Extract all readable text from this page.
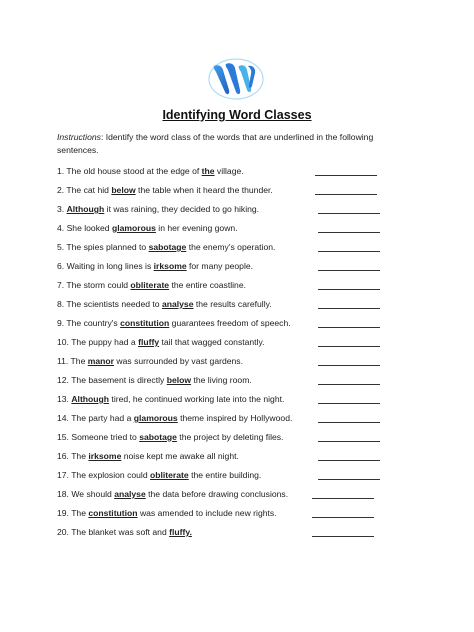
Identifying Word Classes
Instructions: Identify the word class of the words that are underlined in the following sentences.
1. The old house stood at the edge of the village.
2. The cat hid below the table when it heard the thunder.
3. Although it was raining, they decided to go hiking.
4. She looked glamorous in her evening gown.
5. The spies planned to sabotage the enemy's operation.
6. Waiting in long lines is irksome for many people.
7. The storm could obliterate the entire coastline.
8. The scientists needed to analyse the results carefully.
9. The country's constitution guarantees freedom of speech.
10. The puppy had a fluffy tail that wagged constantly.
11. The manor was surrounded by vast gardens.
12. The basement is directly below the living room.
13. Although tired, he continued working late into the night.
14. The party had a glamorous theme inspired by Hollywood.
15. Someone tried to sabotage the project by deleting files.
16. The irksome noise kept me awake all night.
17. The explosion could obliterate the entire building.
18. We should analyse the data before drawing conclusions.
19. The constitution was amended to include new rights.
20. The blanket was soft and fluffy.
